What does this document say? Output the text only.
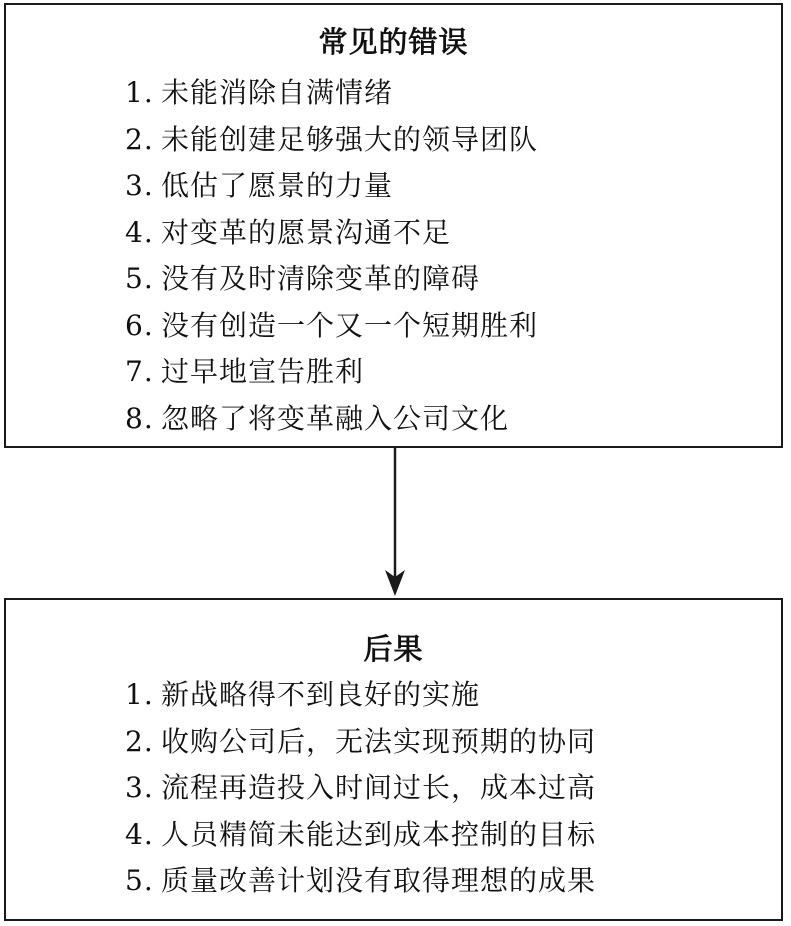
常见的错误
1. 未能消除自满情绪
2. 未能创建足够强大的领导团队
3. 低估了愿景的力量
4. 对变革的愿景沟通不足
5. 没有及时清除变革的障碍
6. 没有创造一个又一个短期胜利
7. 过早地宣告胜利
8. 忽略了将变革融入公司文化
后果
1. 新战略得不到良好的实施
2. 收购公司后，无法实现预期的协同
3. 流程再造投入时间过长，成本过高
4. 人员精简未能达到成本控制的目标
5. 质量改善计划没有取得理想的成果
